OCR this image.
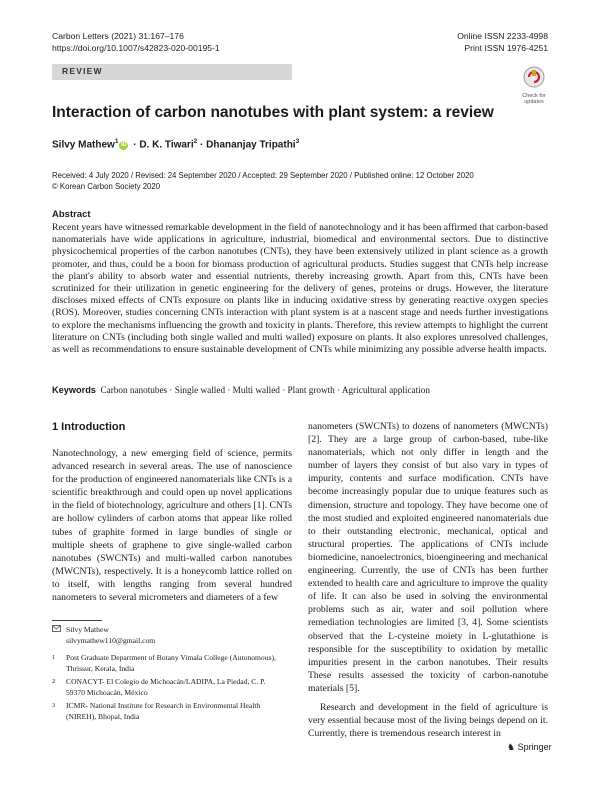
Carbon Letters (2021) 31:167–176
https://doi.org/10.1007/s42823-020-00195-1
Online ISSN 2233-4998
Print ISSN 1976-4251
REVIEW
Check for
updates
Interaction of carbon nanotubes with plant system: a review
Silvy Mathew$^1$iD · D. K. Tiwari$^2$ · Dhananjay Tripathi$^3$
Received: 4 July 2020 / Revised: 24 September 2020 / Accepted: 29 September 2020 / Published online: 12 October 2020
© Korean Carbon Society 2020
Abstract
Recent years have witnessed remarkable development in the field of nanotechnology and it has been affirmed that carbon-based nanomaterials have wide applications in agriculture, industrial, biomedical and environmental sectors. Due to distinctive physicochemical properties of the carbon nanotubes (CNTs), they have been extensively utilized in plant science as a growth promoter, and thus, could be a boon for biomass production of agricultural products. Studies suggest that CNTs help increase the plant's ability to absorb water and essential nutrients, thereby increasing growth. Apart from this, CNTs have been scrutinized for their utilization in genetic engineering for the delivery of genes, proteins or drugs. However, the literature discloses mixed effects of CNTs exposure on plants like in inducing oxidative stress by generating reactive oxygen species (ROS). Moreover, studies concerning CNTs interaction with plant system is at a nascent stage and needs further investigations to explore the mechanisms influencing the growth and toxicity in plants. Therefore, this review attempts to highlight the current literature on CNTs (including both single walled and multi walled) exposure on plants. It also explores unresolved challenges, as well as recommendations to ensure sustainable development of CNTs while minimizing any possible adverse health impacts.
Keywords Carbon nanotubes · Single walled · Multi walled · Plant growth · Agricultural application
1 Introduction

Nanotechnology, a new emerging field of science, permits advanced research in several areas. The use of nanoscience for the production of engineered nanomaterials like CNTs is a scientific breakthrough and could open up novel applications in the field of biotechnology, agriculture and others [1]. CNTs are hollow cylinders of carbon atoms that appear like rolled tubes of graphite formed in large bundles of single or multiple sheets of graphene to give single-walled carbon nanotubes (SWCNTs) and multi-walled carbon nanotubes (MWCNTs), respectively. It is a honeycomb lattice rolled on to itself, with lengths ranging from several hundred nanometers to several micrometers and diameters of a few

Silvy Mathew
silvymathew110@gmail.com
1	Post Graduate Department of Botany Vimala College (Autonomous), Thrissur, Kerala, India
2	CONACYT- El Colegio de Michoacán/LADIPA, La Piedad, C. P. 59370 Michoacán, México
3	ICMR- National Institute for Research in Environmental Health (NIREH), Bhopal, India

nanometers (SWCNTs) to dozens of nanometers (MWCNTs) [2]. They are a large group of carbon-based, tube-like nanomaterials, which not only differ in length and the number of layers they consist of but also vary in types of impurity, contents and surface modification. CNTs have become increasingly popular due to unique features such as dimension, structure and topology. They have become one of the most studied and exploited engineered nanomaterials due to their outstanding electronic, mechanical, optical and structural properties. The applications of CNTs include biomedicine, nanoelectronics, bioengineering and mechanical engineering. Currently, the use of CNTs has been further extended to health care and agriculture to improve the quality of life. It can also be used in solving the environmental problems such as air, water and soil pollution where remediation technologies are limited [3, 4]. Some scientists observed that the L-cysteine moiety in L-glutathione is responsible for the susceptibility to oxidation by metallic impurities present in the carbon nanotubes. Their results These results assessed the toxicity of carbon-nanotube materials [5].

Research and development in the field of agriculture is very essential because most of the living beings depend on it. Currently, there is tremendous research interest in

♞ Springer
